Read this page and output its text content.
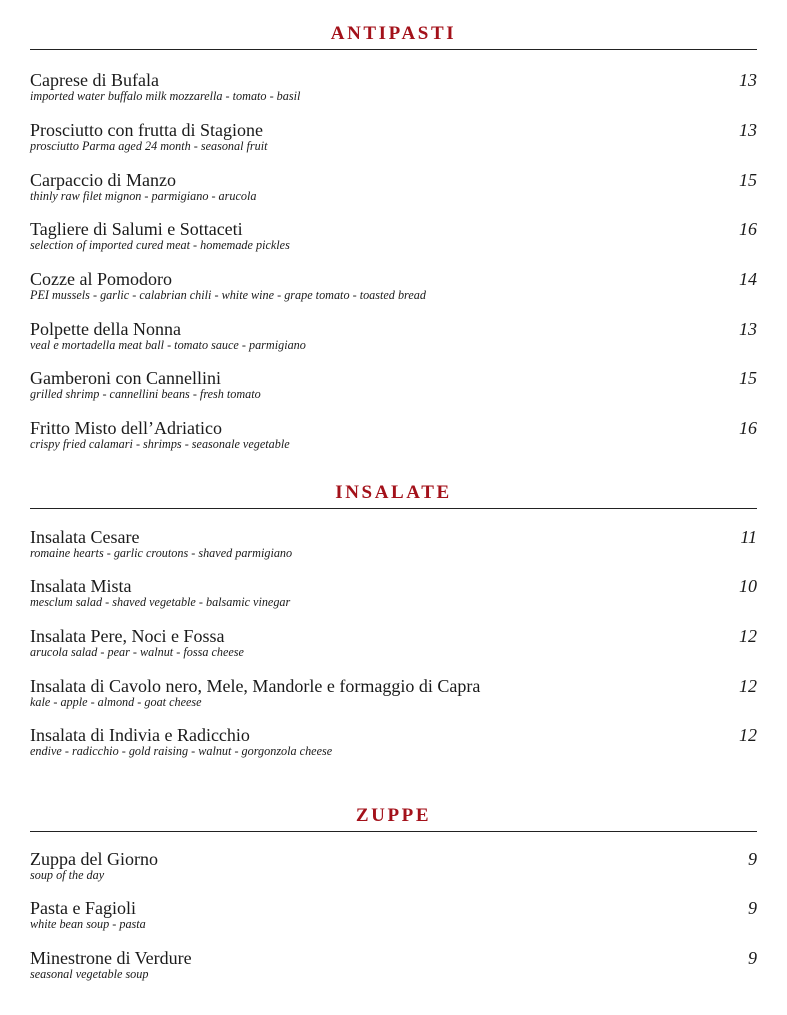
ANTIPASTI
Caprese di Bufala
imported water buffalo milk mozzarella - tomato - basil
13
Prosciutto con frutta di Stagione
prosciutto Parma aged 24 month - seasonal fruit
13
Carpaccio di Manzo
thinly raw filet mignon - parmigiano - arucola
15
Tagliere di Salumi e Sottaceti
selection of imported cured meat - homemade pickles
16
Cozze al Pomodoro
PEI mussels - garlic - calabrian chili - white wine - grape tomato - toasted bread
14
Polpette della Nonna
veal e mortadella meat ball - tomato sauce - parmigiano
13
Gamberoni con Cannellini
grilled shrimp - cannellini beans - fresh tomato
15
Fritto Misto dell’Adriatico
crispy fried calamari - shrimps - seasonale vegetable
16
INSALATE
Insalata Cesare
romaine hearts - garlic croutons - shaved parmigiano
11
Insalata Mista
mesclum salad - shaved vegetable - balsamic vinegar
10
Insalata Pere, Noci e Fossa
arucola salad - pear - walnut - fossa cheese
12
Insalata di Cavolo nero, Mele, Mandorle e formaggio di Capra
kale - apple - almond - goat cheese
12
Insalata di Indivia e Radicchio
endive - radicchio - gold raising - walnut - gorgonzola cheese
12
ZUPPE
Zuppa del Giorno
soup of the day
9
Pasta e Fagioli
white bean soup - pasta
9
Minestrone di Verdure
seasonal vegetable soup
9
